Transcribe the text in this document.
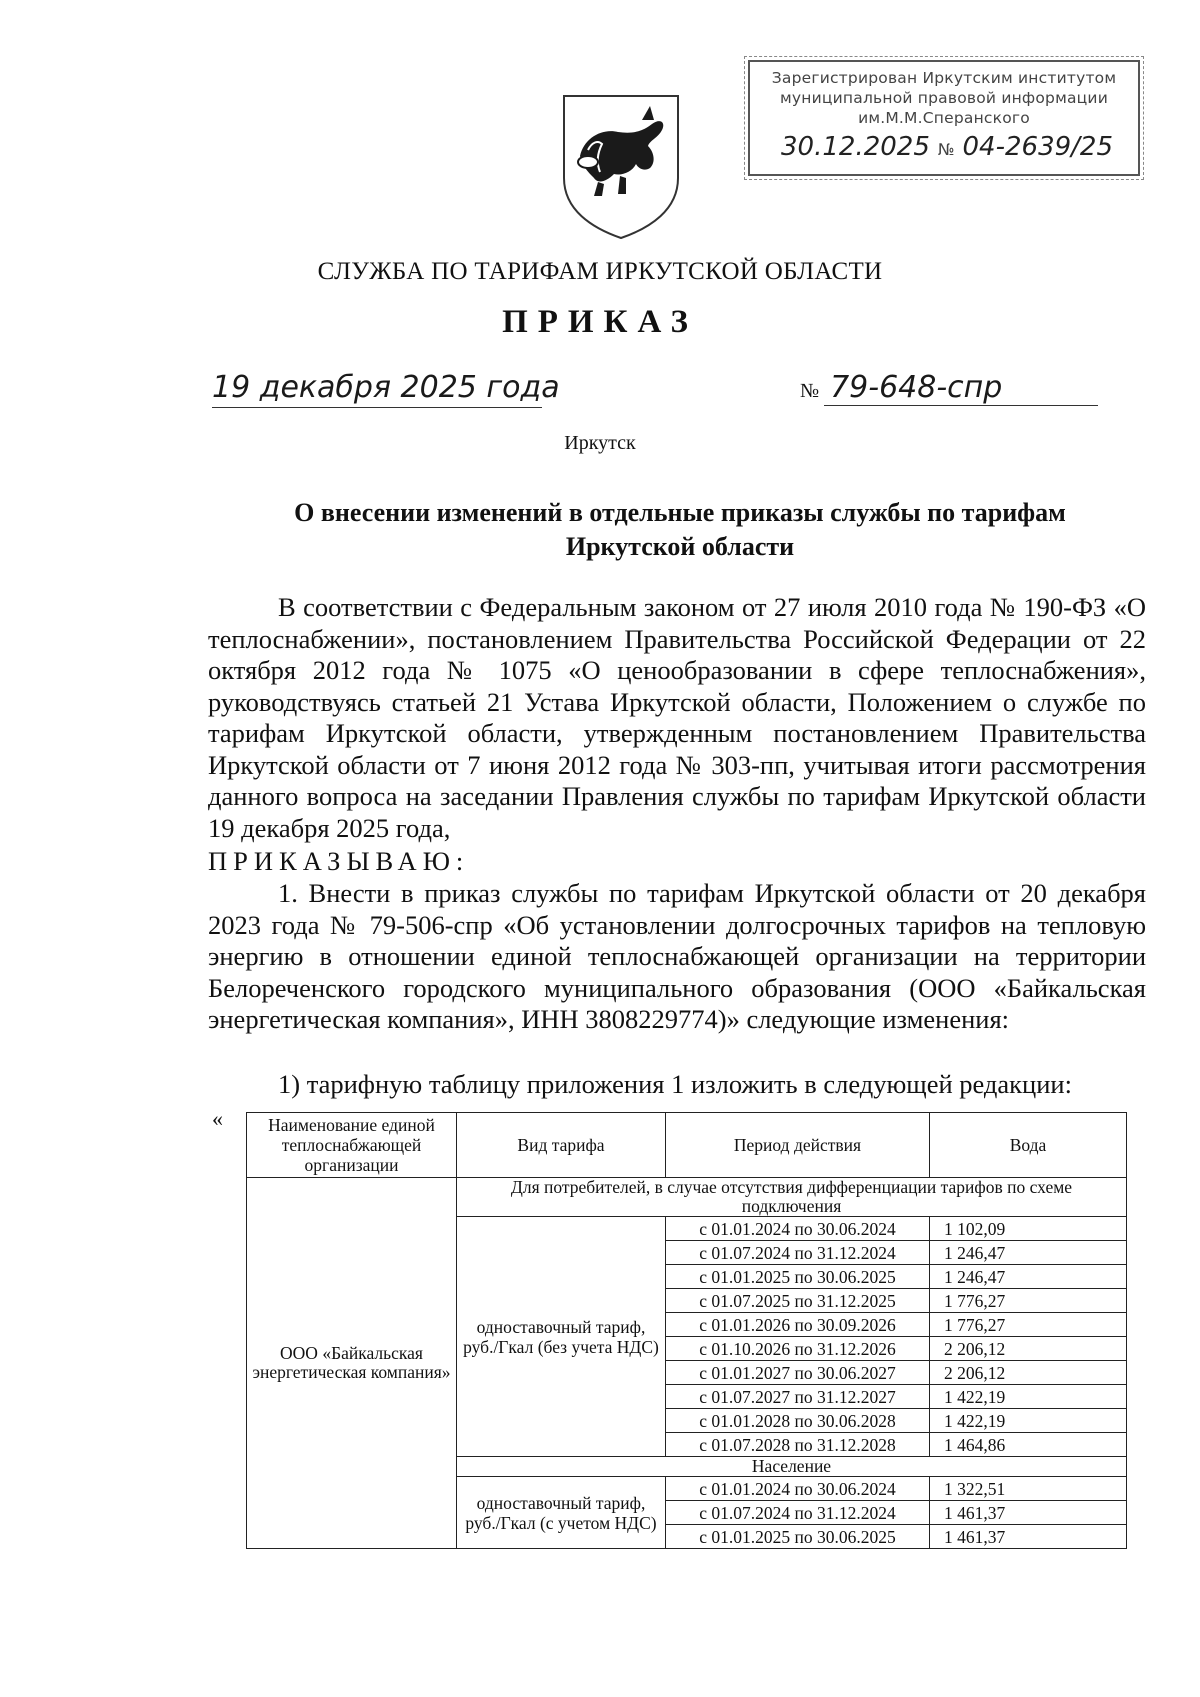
Зарегистрирован Иркутским институтом
муниципальной правовой информации
им.М.М.Сперанского
30.12.2025 № 04-2639/25
СЛУЖБА ПО ТАРИФАМ ИРКУТСКОЙ ОБЛАСТИ
ПРИКАЗ
19 декабря 2025 года	№ 79-648-спр
Иркутск
О внесении изменений в отдельные приказы службы по тарифам Иркутской области
В соответствии с Федеральным законом от 27 июля 2010 года № 190-ФЗ «О теплоснабжении», постановлением Правительства Российской Федерации от 22 октября 2012 года № 1075 «О ценообразовании в сфере теплоснабжения», руководствуясь статьей 21 Устава Иркутской области, Положением о службе по тарифам Иркутской области, утвержденным постановлением Правительства Иркутской области от 7 июня 2012 года № 303-пп, учитывая итоги рассмотрения данного вопроса на заседании Правления службы по тарифам Иркутской области 19 декабря 2025 года,
ПРИКАЗЫВАЮ:
1. Внести в приказ службы по тарифам Иркутской области от 20 декабря 2023 года № 79-506-спр «Об установлении долгосрочных тарифов на тепловую энергию в отношении единой теплоснабжающей организации на территории Белореченского городского муниципального образования (ООО «Байкальская энергетическая компания», ИНН 3808229774)» следующие изменения:
1) тарифную таблицу приложения 1 изложить в следующей редакции:
«	Наименование единой теплоснабжающей организации	Вид тарифа	Период действия	Вода
ООО «Байкальская энергетическая компания»	Для потребителей, в случае отсутствия дифференциации тарифов по схеме подключения		
	одноставочный тариф, руб./Гкал (без учета НДС)	с 01.01.2024 по 30.06.2024	1 102,09
		с 01.07.2024 по 31.12.2024	1 246,47
		с 01.01.2025 по 30.06.2025	1 246,47
		с 01.07.2025 по 31.12.2025	1 776,27
		с 01.01.2026 по 30.09.2026	1 776,27
		с 01.10.2026 по 31.12.2026	2 206,12
		с 01.01.2027 по 30.06.2027	2 206,12
		с 01.07.2027 по 31.12.2027	1 422,19
		с 01.01.2028 по 30.06.2028	1 422,19
		с 01.07.2028 по 31.12.2028	1 464,86
	Население		
	одноставочный тариф, руб./Гкал (с учетом НДС)	с 01.01.2024 по 30.06.2024	1 322,51
		с 01.07.2024 по 31.12.2024	1 461,37
		с 01.01.2025 по 30.06.2025	1 461,37
